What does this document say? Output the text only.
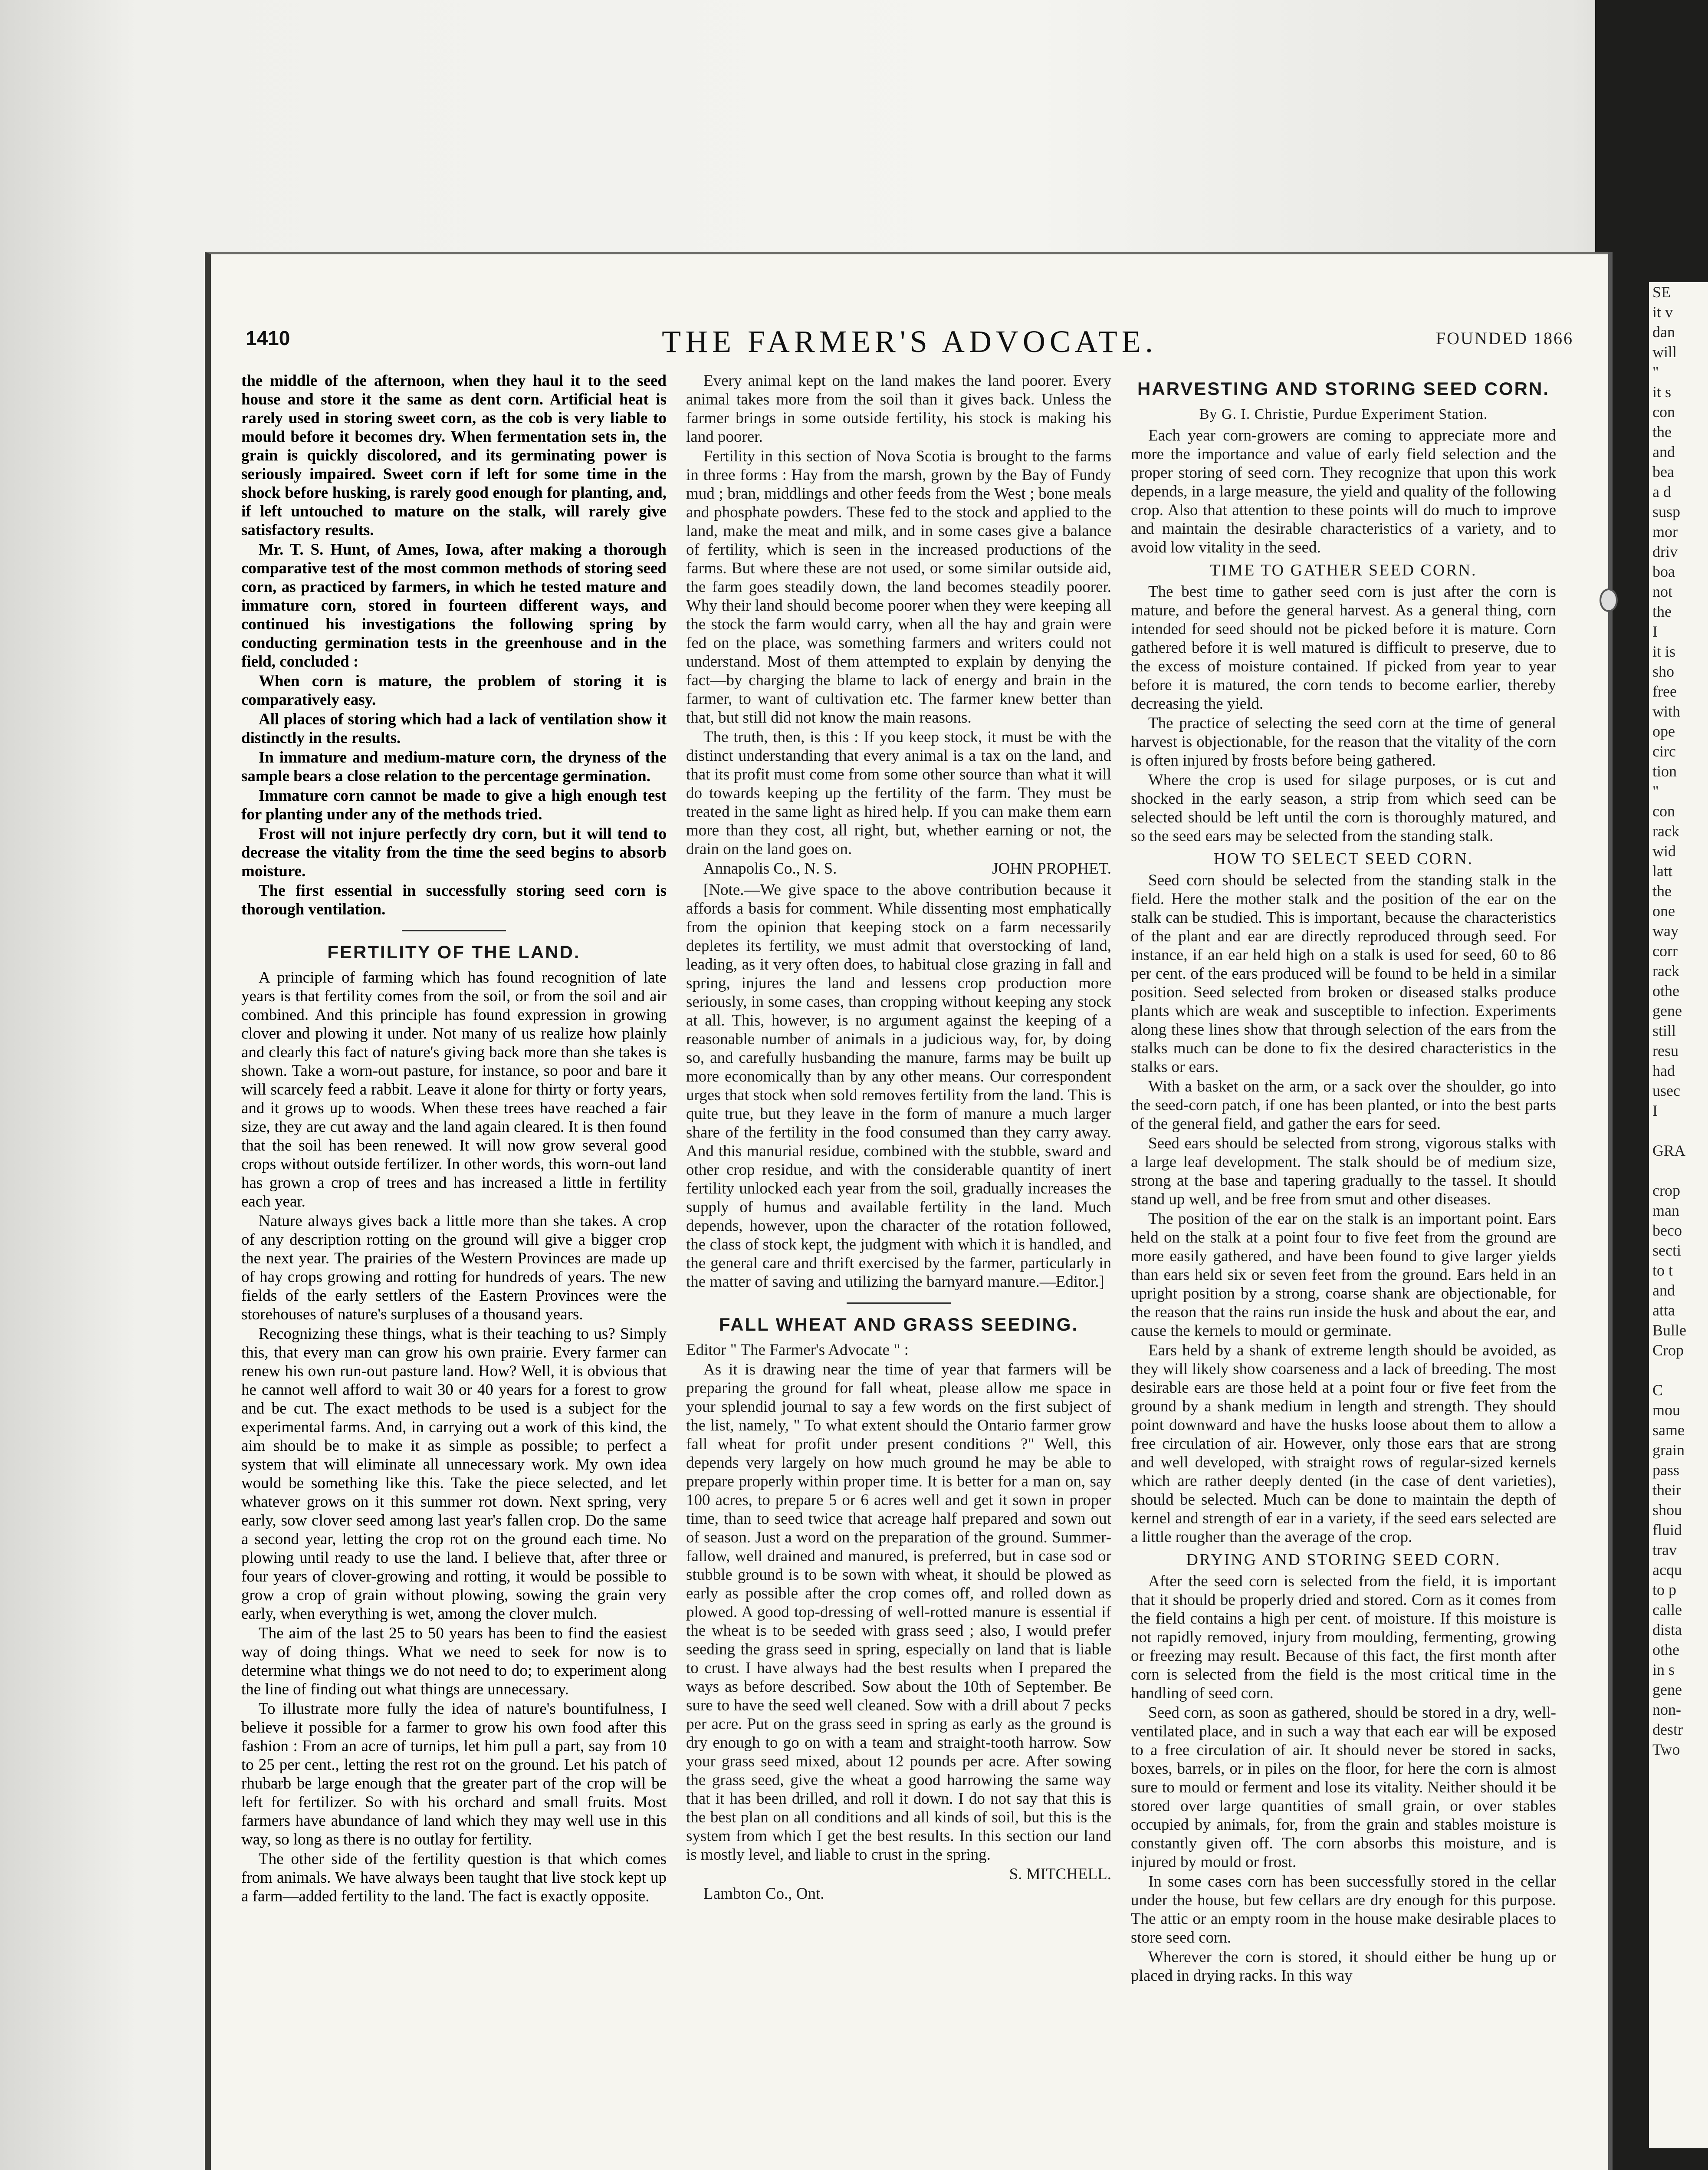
SE
it v
dan
will
"
it s
con
the
and
bea
a d
susp
mor
driv
boa
not
the
I
it is
sho
free
with
ope
circ
tion
"
con
rack
wid
latt
the
one
way
corr
rack
othe
gene
still
resu
had
usec
I

GRA

crop
man
beco
secti
to t
and
atta
Bulle
Crop

C
mou
same
grain
pass
their
shou
fluid
trav
acqu
to p
calle
dista
othe
in s
gene
non-
destr
Two
1410	THE FARMER'S ADVOCATE.	FOUNDED 1866

the middle of the afternoon, when they haul it to the seed house and store it the same as dent corn. Artificial heat is rarely used in storing sweet corn, as the cob is very liable to mould before it becomes dry. When fermentation sets in, the grain is quickly discolored, and its germinating power is seriously impaired. Sweet corn if left for some time in the shock before husking, is rarely good enough for planting, and, if left untouched to mature on the stalk, will rarely give satisfactory results.

Mr. T. S. Hunt, of Ames, Iowa, after making a thorough comparative test of the most common methods of storing seed corn, as practiced by farmers, in which he tested mature and immature corn, stored in fourteen different ways, and continued his investigations the following spring by conducting germination tests in the greenhouse and in the field, concluded :

When corn is mature, the problem of storing it is comparatively easy.

All places of storing which had a lack of ventilation show it distinctly in the results.

In immature and medium-mature corn, the dryness of the sample bears a close relation to the percentage germination.

Immature corn cannot be made to give a high enough test for planting under any of the methods tried.

Frost will not injure perfectly dry corn, but it will tend to decrease the vitality from the time the seed begins to absorb moisture.

The first essential in successfully storing seed corn is thorough ventilation.

FERTILITY OF THE LAND.

A principle of farming which has found recognition of late years is that fertility comes from the soil, or from the soil and air combined. And this principle has found expression in growing clover and plowing it under. Not many of us realize how plainly and clearly this fact of nature's giving back more than she takes is shown. Take a worn-out pasture, for instance, so poor and bare it will scarcely feed a rabbit. Leave it alone for thirty or forty years, and it grows up to woods. When these trees have reached a fair size, they are cut away and the land again cleared. It is then found that the soil has been renewed. It will now grow several good crops without outside fertilizer. In other words, this worn-out land has grown a crop of trees and has increased a little in fertility each year.

Nature always gives back a little more than she takes. A crop of any description rotting on the ground will give a bigger crop the next year. The prairies of the Western Provinces are made up of hay crops growing and rotting for hundreds of years. The new fields of the early settlers of the Eastern Provinces were the storehouses of nature's surpluses of a thousand years.

Recognizing these things, what is their teaching to us? Simply this, that every man can grow his own prairie. Every farmer can renew his own run-out pasture land. How? Well, it is obvious that he cannot well afford to wait 30 or 40 years for a forest to grow and be cut. The exact methods to be used is a subject for the experimental farms. And, in carrying out a work of this kind, the aim should be to make it as simple as possible; to perfect a system that will eliminate all unnecessary work. My own idea would be something like this. Take the piece selected, and let whatever grows on it this summer rot down. Next spring, very early, sow clover seed among last year's fallen crop. Do the same a second year, letting the crop rot on the ground each time. No plowing until ready to use the land. I believe that, after three or four years of clover-growing and rotting, it would be possible to grow a crop of grain without plowing, sowing the grain very early, when everything is wet, among the clover mulch.

The aim of the last 25 to 50 years has been to find the easiest way of doing things. What we need to seek for now is to determine what things we do not need to do; to experiment along the line of finding out what things are unnecessary.

To illustrate more fully the idea of nature's bountifulness, I believe it possible for a farmer to grow his own food after this fashion : From an acre of turnips, let him pull a part, say from 10 to 25 per cent., letting the rest rot on the ground. Let his patch of rhubarb be large enough that the greater part of the crop will be left for fertilizer. So with his orchard and small fruits. Most farmers have abundance of land which they may well use in this way, so long as there is no outlay for fertility.

The other side of the fertility question is that which comes from animals. We have always been taught that live stock kept up a farm—added fertility to the land. The fact is exactly opposite.

Every animal kept on the land makes the land poorer. Every animal takes more from the soil than it gives back. Unless the farmer brings in some outside fertility, his stock is making his land poorer.

Fertility in this section of Nova Scotia is brought to the farms in three forms : Hay from the marsh, grown by the Bay of Fundy mud ; bran, middlings and other feeds from the West ; bone meals and phosphate powders. These fed to the stock and applied to the land, make the meat and milk, and in some cases give a balance of fertility, which is seen in the increased productions of the farms. But where these are not used, or some similar outside aid, the farm goes steadily down, the land becomes steadily poorer. Why their land should become poorer when they were keeping all the stock the farm would carry, when all the hay and grain were fed on the place, was something farmers and writers could not understand. Most of them attempted to explain by denying the fact—by charging the blame to lack of energy and brain in the farmer, to want of cultivation etc. The farmer knew better than that, but still did not know the main reasons.

The truth, then, is this : If you keep stock, it must be with the distinct understanding that every animal is a tax on the land, and that its profit must come from some other source than what it will do towards keeping up the fertility of the farm. They must be treated in the same light as hired help. If you can make them earn more than they cost, all right, but, whether earning or not, the drain on the land goes on.

Annapolis Co., N. S.	JOHN PROPHET.

[Note.—We give space to the above contribution because it affords a basis for comment. While dissenting most emphatically from the opinion that keeping stock on a farm necessarily depletes its fertility, we must admit that overstocking of land, leading, as it very often does, to habitual close grazing in fall and spring, injures the land and lessens crop production more seriously, in some cases, than cropping without keeping any stock at all. This, however, is no argument against the keeping of a reasonable number of animals in a judicious way, for, by doing so, and carefully husbanding the manure, farms may be built up more economically than by any other means. Our correspondent urges that stock when sold removes fertility from the land. This is quite true, but they leave in the form of manure a much larger share of the fertility in the food consumed than they carry away. And this manurial residue, combined with the stubble, sward and other crop residue, and with the considerable quantity of inert fertility unlocked each year from the soil, gradually increases the supply of humus and available fertility in the land. Much depends, however, upon the character of the rotation followed, the class of stock kept, the judgment with which it is handled, and the general care and thrift exercised by the farmer, particularly in the matter of saving and utilizing the barnyard manure.—Editor.]

FALL WHEAT AND GRASS SEEDING.

Editor " The Farmer's Advocate " :

As it is drawing near the time of year that farmers will be preparing the ground for fall wheat, please allow me space in your splendid journal to say a few words on the first subject of the list, namely, " To what extent should the Ontario farmer grow fall wheat for profit under present conditions ?" Well, this depends very largely on how much ground he may be able to prepare properly within proper time. It is better for a man on, say 100 acres, to prepare 5 or 6 acres well and get it sown in proper time, than to seed twice that acreage half prepared and sown out of season. Just a word on the preparation of the ground. Summer-fallow, well drained and manured, is preferred, but in case sod or stubble ground is to be sown with wheat, it should be plowed as early as possible after the crop comes off, and rolled down as plowed. A good top-dressing of well-rotted manure is essential if the wheat is to be seeded with grass seed ; also, I would prefer seeding the grass seed in spring, especially on land that is liable to crust. I have always had the best results when I prepared the ways as before described. Sow about the 10th of September. Be sure to have the seed well cleaned. Sow with a drill about 7 pecks per acre. Put on the grass seed in spring as early as the ground is dry enough to go on with a team and straight-tooth harrow. Sow your grass seed mixed, about 12 pounds per acre. After sowing the grass seed, give the wheat a good harrowing the same way that it has been drilled, and roll it down. I do not say that this is the best plan on all conditions and all kinds of soil, but this is the system from which I get the best results. In this section our land is mostly level, and liable to crust in the spring.

S. MITCHELL.

Lambton Co., Ont.

HARVESTING AND STORING SEED CORN.
By G. I. Christie, Purdue Experiment Station.

Each year corn-growers are coming to appreciate more and more the importance and value of early field selection and the proper storing of seed corn. They recognize that upon this work depends, in a large measure, the yield and quality of the following crop. Also that attention to these points will do much to improve and maintain the desirable characteristics of a variety, and to avoid low vitality in the seed.

TIME TO GATHER SEED CORN.

The best time to gather seed corn is just after the corn is mature, and before the general harvest. As a general thing, corn intended for seed should not be picked before it is mature. Corn gathered before it is well matured is difficult to preserve, due to the excess of moisture contained. If picked from year to year before it is matured, the corn tends to become earlier, thereby decreasing the yield.

The practice of selecting the seed corn at the time of general harvest is objectionable, for the reason that the vitality of the corn is often injured by frosts before being gathered.

Where the crop is used for silage purposes, or is cut and shocked in the early season, a strip from which seed can be selected should be left until the corn is thoroughly matured, and so the seed ears may be selected from the standing stalk.

HOW TO SELECT SEED CORN.

Seed corn should be selected from the standing stalk in the field. Here the mother stalk and the position of the ear on the stalk can be studied. This is important, because the characteristics of the plant and ear are directly reproduced through seed. For instance, if an ear held high on a stalk is used for seed, 60 to 86 per cent. of the ears produced will be found to be held in a similar position. Seed selected from broken or diseased stalks produce plants which are weak and susceptible to infection. Experiments along these lines show that through selection of the ears from the stalks much can be done to fix the desired characteristics in the stalks or ears.

With a basket on the arm, or a sack over the shoulder, go into the seed-corn patch, if one has been planted, or into the best parts of the general field, and gather the ears for seed.

Seed ears should be selected from strong, vigorous stalks with a large leaf development. The stalk should be of medium size, strong at the base and tapering gradually to the tassel. It should stand up well, and be free from smut and other diseases.

The position of the ear on the stalk is an important point. Ears held on the stalk at a point four to five feet from the ground are more easily gathered, and have been found to give larger yields than ears held six or seven feet from the ground. Ears held in an upright position by a strong, coarse shank are objectionable, for the reason that the rains run inside the husk and about the ear, and cause the kernels to mould or germinate.

Ears held by a shank of extreme length should be avoided, as they will likely show coarseness and a lack of breeding. The most desirable ears are those held at a point four or five feet from the ground by a shank medium in length and strength. They should point downward and have the husks loose about them to allow a free circulation of air. However, only those ears that are strong and well developed, with straight rows of regular-sized kernels which are rather deeply dented (in the case of dent varieties), should be selected. Much can be done to maintain the depth of kernel and strength of ear in a variety, if the seed ears selected are a little rougher than the average of the crop.

DRYING AND STORING SEED CORN.

After the seed corn is selected from the field, it is important that it should be properly dried and stored. Corn as it comes from the field contains a high per cent. of moisture. If this moisture is not rapidly removed, injury from moulding, fermenting, growing or freezing may result. Because of this fact, the first month after corn is selected from the field is the most critical time in the handling of seed corn.

Seed corn, as soon as gathered, should be stored in a dry, well-ventilated place, and in such a way that each ear will be exposed to a free circulation of air. It should never be stored in sacks, boxes, barrels, or in piles on the floor, for here the corn is almost sure to mould or ferment and lose its vitality. Neither should it be stored over large quantities of small grain, or over stables occupied by animals, for, from the grain and stables moisture is constantly given off. The corn absorbs this moisture, and is injured by mould or frost.

In some cases corn has been successfully stored in the cellar under the house, but few cellars are dry enough for this purpose. The attic or an empty room in the house make desirable places to store seed corn.

Wherever the corn is stored, it should either be hung up or placed in drying racks. In this way
